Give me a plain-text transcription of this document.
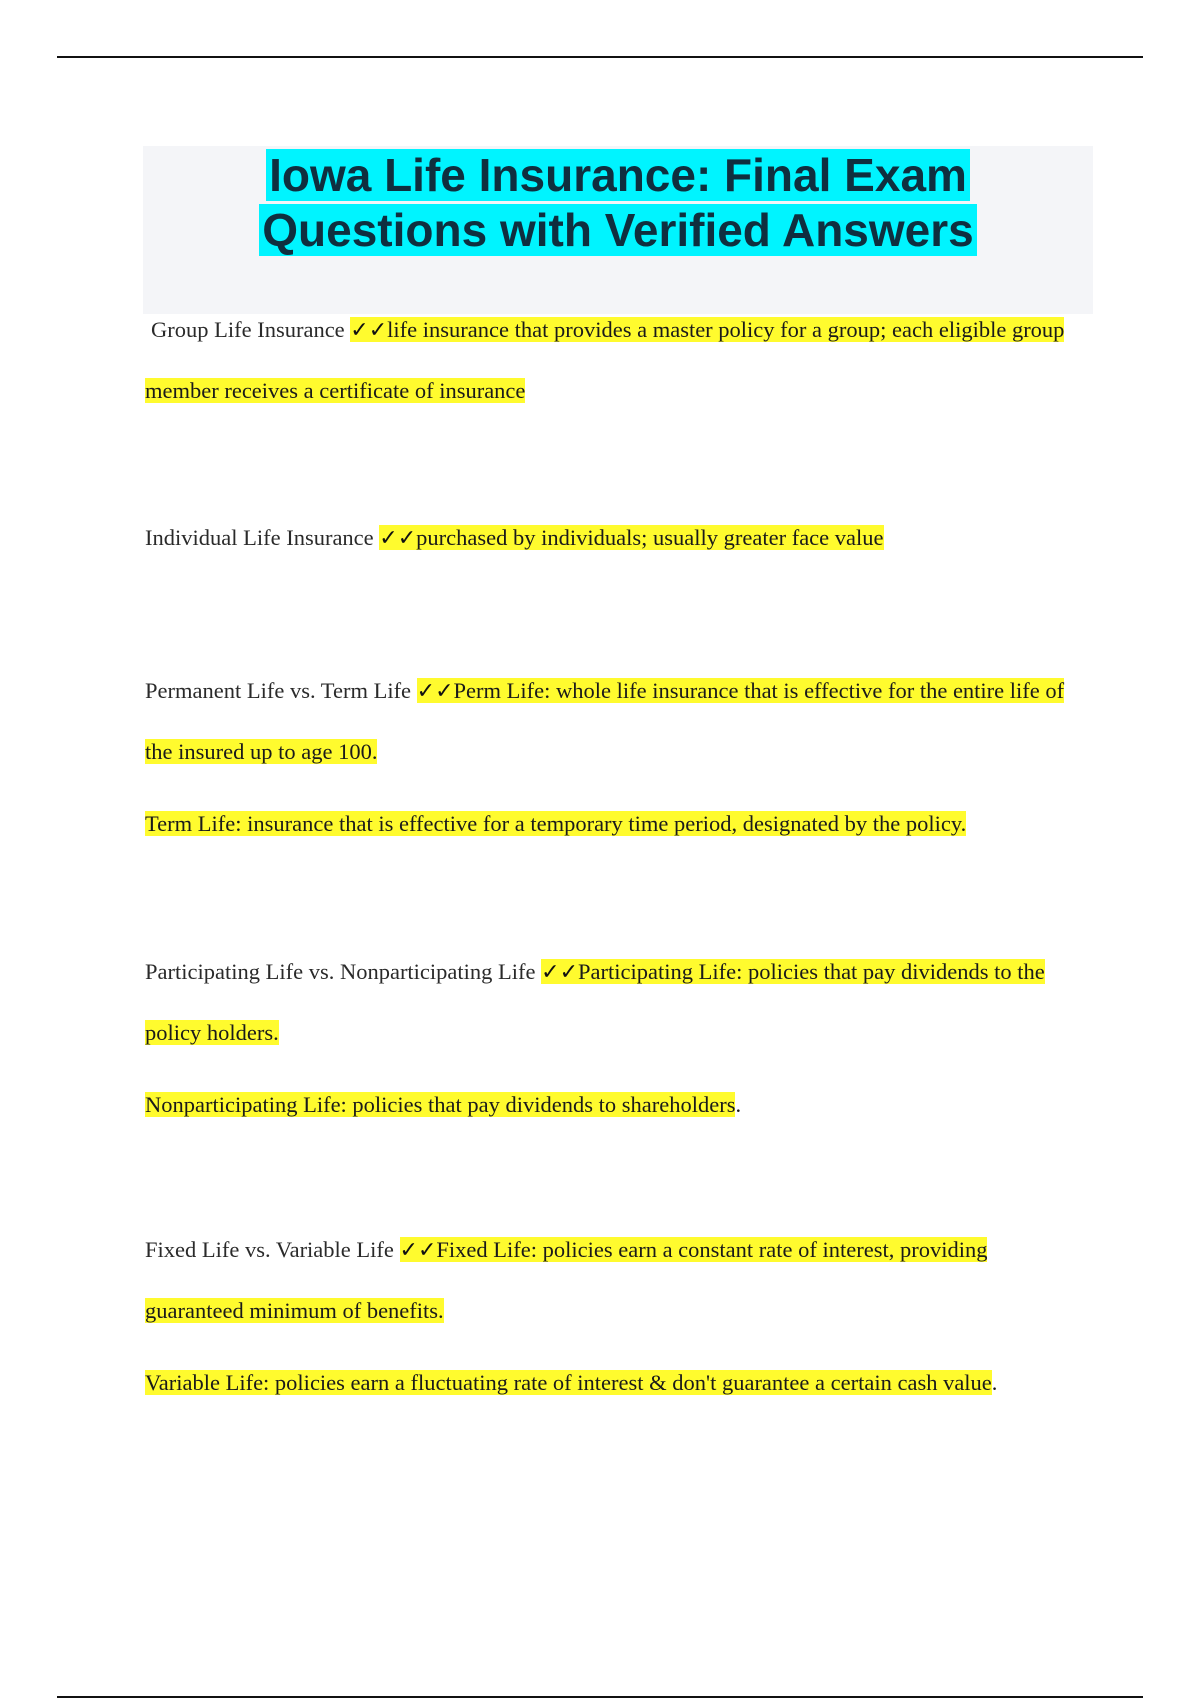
Iowa Life Insurance: Final Exam
Questions with Verified Answers

Group Life Insurance ✓✓life insurance that provides a master policy for a group; each eligible group member receives a certificate of insurance

Individual Life Insurance ✓✓purchased by individuals; usually greater face value

Permanent Life vs. Term Life ✓✓Perm Life: whole life insurance that is effective for the entire life of the insured up to age 100.

Term Life: insurance that is effective for a temporary time period, designated by the policy.

Participating Life vs. Nonparticipating Life ✓✓Participating Life: policies that pay dividends to the policy holders.

Nonparticipating Life: policies that pay dividends to shareholders.

Fixed Life vs. Variable Life ✓✓Fixed Life: policies earn a constant rate of interest, providing guaranteed minimum of benefits.

Variable Life: policies earn a fluctuating rate of interest & don't guarantee a certain cash value.
